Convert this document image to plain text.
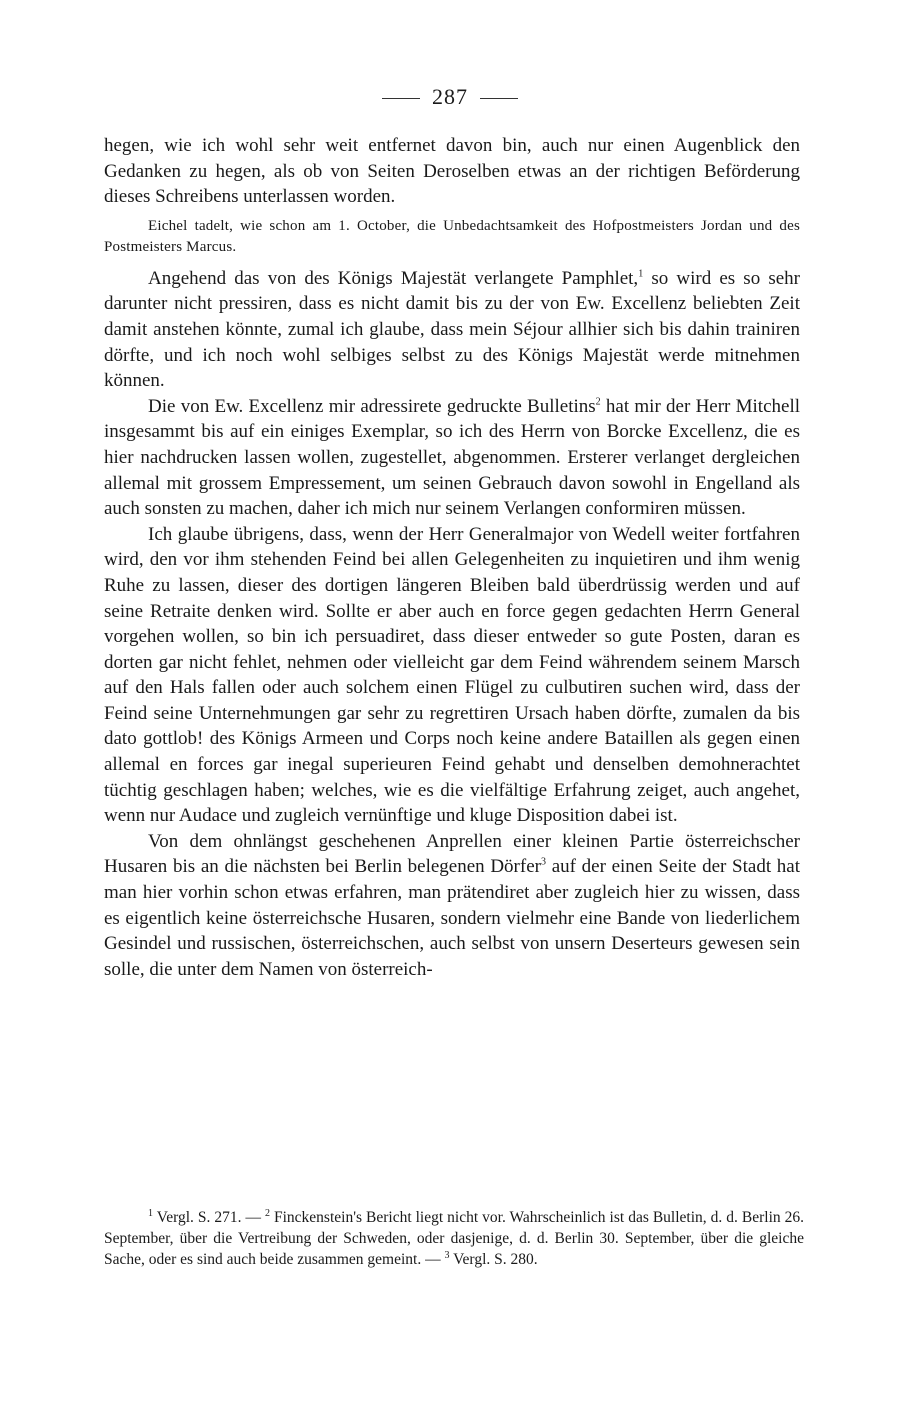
287

hegen, wie ich wohl sehr weit entfernet davon bin, auch nur einen Augenblick den Gedanken zu hegen, als ob von Seiten Deroselben etwas an der richtigen Beförderung dieses Schreibens unterlassen worden.

Eichel tadelt, wie schon am 1. October, die Unbedachtsamkeit des Hofpostmeisters Jordan und des Postmeisters Marcus.

Angehend das von des Königs Majestät verlangete Pamphlet,$^1$ so wird es so sehr darunter nicht pressiren, dass es nicht damit bis zu der von Ew. Excellenz beliebten Zeit damit anstehen könnte, zumal ich glaube, dass mein Séjour allhier sich bis dahin trainiren dörfte, und ich noch wohl selbiges selbst zu des Königs Majestät werde mitnehmen können.

Die von Ew. Excellenz mir adressirete gedruckte Bulletins$^2$ hat mir der Herr Mitchell insgesammt bis auf ein einiges Exemplar, so ich des Herrn von Borcke Excellenz, die es hier nachdrucken lassen wollen, zugestellet, abgenommen. Ersterer verlanget dergleichen allemal mit grossem Empressement, um seinen Gebrauch davon sowohl in Engelland als auch sonsten zu machen, daher ich mich nur seinem Verlangen conformiren müssen.

Ich glaube übrigens, dass, wenn der Herr Generalmajor von Wedell weiter fortfahren wird, den vor ihm stehenden Feind bei allen Gelegenheiten zu inquietiren und ihm wenig Ruhe zu lassen, dieser des dortigen längeren Bleiben bald überdrüssig werden und auf seine Retraite denken wird. Sollte er aber auch en force gegen gedachten Herrn General vorgehen wollen, so bin ich persuadiret, dass dieser entweder so gute Posten, daran es dorten gar nicht fehlet, nehmen oder vielleicht gar dem Feind währendem seinem Marsch auf den Hals fallen oder auch solchem einen Flügel zu culbutiren suchen wird, dass der Feind seine Unternehmungen gar sehr zu regrettiren Ursach haben dörfte, zumalen da bis dato gottlob! des Königs Armeen und Corps noch keine andere Bataillen als gegen einen allemal en forces gar inegal superieuren Feind gehabt und denselben demohnerachtet tüchtig geschlagen haben; welches, wie es die vielfältige Erfahrung zeiget, auch angehet, wenn nur Audace und zugleich vernünftige und kluge Disposition dabei ist.

Von dem ohnlängst geschehenen Anprellen einer kleinen Partie österreichscher Husaren bis an die nächsten bei Berlin belegenen Dörfer$^3$ auf der einen Seite der Stadt hat man hier vorhin schon etwas erfahren, man prätendiret aber zugleich hier zu wissen, dass es eigentlich keine österreichsche Husaren, sondern vielmehr eine Bande von liederlichem Gesindel und russischen, österreichschen, auch selbst von unsern Deserteurs gewesen sein solle, die unter dem Namen von österreich-

$^1$ Vergl. S. 271. — $^2$ Finckenstein's Bericht liegt nicht vor. Wahrscheinlich ist das Bulletin, d. d. Berlin 26. September, über die Vertreibung der Schweden, oder dasjenige, d. d. Berlin 30. September, über die gleiche Sache, oder es sind auch beide zusammen gemeint. — $^3$ Vergl. S. 280.
